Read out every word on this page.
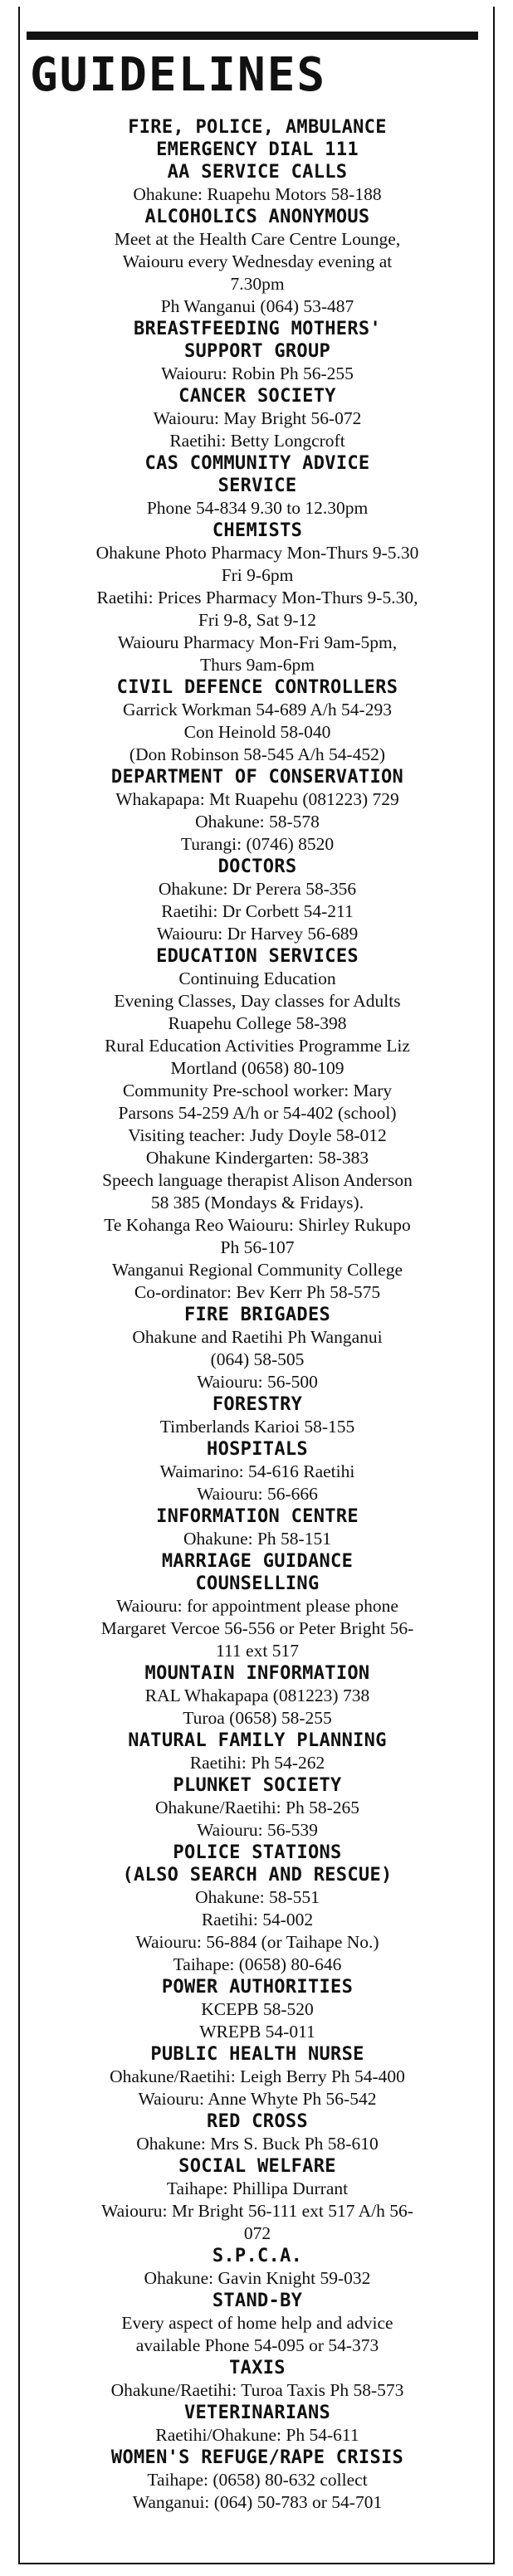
GUIDELINES
FIRE, POLICE, AMBULANCE
EMERGENCY DIAL 111
AA SERVICE CALLS
Ohakune: Ruapehu Motors 58-188
ALCOHOLICS ANONYMOUS
Meet at the Health Care Centre Lounge,
Waiouru every Wednesday evening at
7.30pm
Ph Wanganui (064) 53-487
BREASTFEEDING MOTHERS'
SUPPORT GROUP
Waiouru: Robin Ph 56-255
CANCER SOCIETY
Waiouru: May Bright 56-072
Raetihi: Betty Longcroft
CAS COMMUNITY ADVICE
SERVICE
Phone 54-834 9.30 to 12.30pm
CHEMISTS
Ohakune Photo Pharmacy Mon-Thurs 9-5.30
Fri 9-6pm
Raetihi: Prices Pharmacy Mon-Thurs 9-5.30,
Fri 9-8, Sat 9-12
Waiouru Pharmacy Mon-Fri 9am-5pm,
Thurs 9am-6pm
CIVIL DEFENCE CONTROLLERS
Garrick Workman 54-689 A/h 54-293
Con Heinold 58-040
(Don Robinson 58-545 A/h 54-452)
DEPARTMENT OF CONSERVATION
Whakapapa: Mt Ruapehu (081223) 729
Ohakune: 58-578
Turangi: (0746) 8520
DOCTORS
Ohakune: Dr Perera 58-356
Raetihi: Dr Corbett 54-211
Waiouru: Dr Harvey 56-689
EDUCATION SERVICES
Continuing Education
Evening Classes, Day classes for Adults
Ruapehu College 58-398
Rural Education Activities Programme Liz
Mortland (0658) 80-109
Community Pre-school worker: Mary
Parsons 54-259 A/h or 54-402 (school)
Visiting teacher: Judy Doyle 58-012
Ohakune Kindergarten: 58-383
Speech language therapist Alison Anderson
58 385 (Mondays & Fridays).
Te Kohanga Reo Waiouru: Shirley Rukupo
Ph 56-107
Wanganui Regional Community College
Co-ordinator: Bev Kerr Ph 58-575
FIRE BRIGADES
Ohakune and Raetihi Ph Wanganui
(064) 58-505
Waiouru: 56-500
FORESTRY
Timberlands Karioi 58-155
HOSPITALS
Waimarino: 54-616 Raetihi
Waiouru: 56-666
INFORMATION CENTRE
Ohakune: Ph 58-151
MARRIAGE GUIDANCE
COUNSELLING
Waiouru: for appointment please phone
Margaret Vercoe 56-556 or Peter Bright 56-
111 ext 517
MOUNTAIN INFORMATION
RAL Whakapapa (081223) 738
Turoa (0658) 58-255
NATURAL FAMILY PLANNING
Raetihi: Ph 54-262
PLUNKET SOCIETY
Ohakune/Raetihi: Ph 58-265
Waiouru: 56-539
POLICE STATIONS
(ALSO SEARCH AND RESCUE)
Ohakune: 58-551
Raetihi: 54-002
Waiouru: 56-884 (or Taihape No.)
Taihape: (0658) 80-646
POWER AUTHORITIES
KCEPB 58-520
WREPB 54-011
PUBLIC HEALTH NURSE
Ohakune/Raetihi: Leigh Berry Ph 54-400
Waiouru: Anne Whyte Ph 56-542
RED CROSS
Ohakune: Mrs S. Buck Ph 58-610
SOCIAL WELFARE
Taihape: Phillipa Durrant
Waiouru: Mr Bright 56-111 ext 517 A/h 56-
072
S.P.C.A.
Ohakune: Gavin Knight 59-032
STAND-BY
Every aspect of home help and advice
available Phone 54-095 or 54-373
TAXIS
Ohakune/Raetihi: Turoa Taxis Ph 58-573
VETERINARIANS
Raetihi/Ohakune: Ph 54-611
WOMEN'S REFUGE/RAPE CRISIS
Taihape: (0658) 80-632 collect
Wanganui: (064) 50-783 or 54-701
